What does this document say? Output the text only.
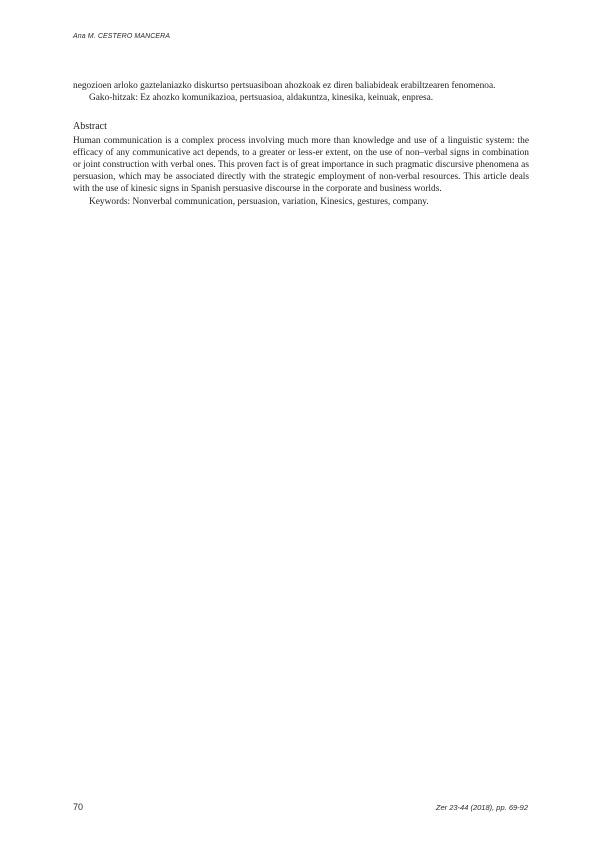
Ana M. CESTERO MANCERA

negozioen arloko gaztelaniazko diskurtso pertsuasiboan ahozkoak ez diren baliabideak erabiltzearen fenomenoa.

Gako-hitzak: Ez ahozko komunikazioa, pertsuasioa, aldakuntza, kinesika, keinuak, enpresa.

Abstract

Human communication is a complex process involving much more than knowledge and use of a linguistic system: the efficacy of any communicative act depends, to a greater or less-er extent, on the use of non–verbal signs in combination or joint construction with verbal ones. This proven fact is of great importance in such pragmatic discursive phenomena as persuasion, which may be associated directly with the strategic employment of non-verbal resources. This article deals with the use of kinesic signs in Spanish persuasive discourse in the corporate and business worlds.

Keywords: Nonverbal communication, persuasion, variation, Kinesics, gestures, company.

70	Zer 23-44 (2018), pp. 69-92
